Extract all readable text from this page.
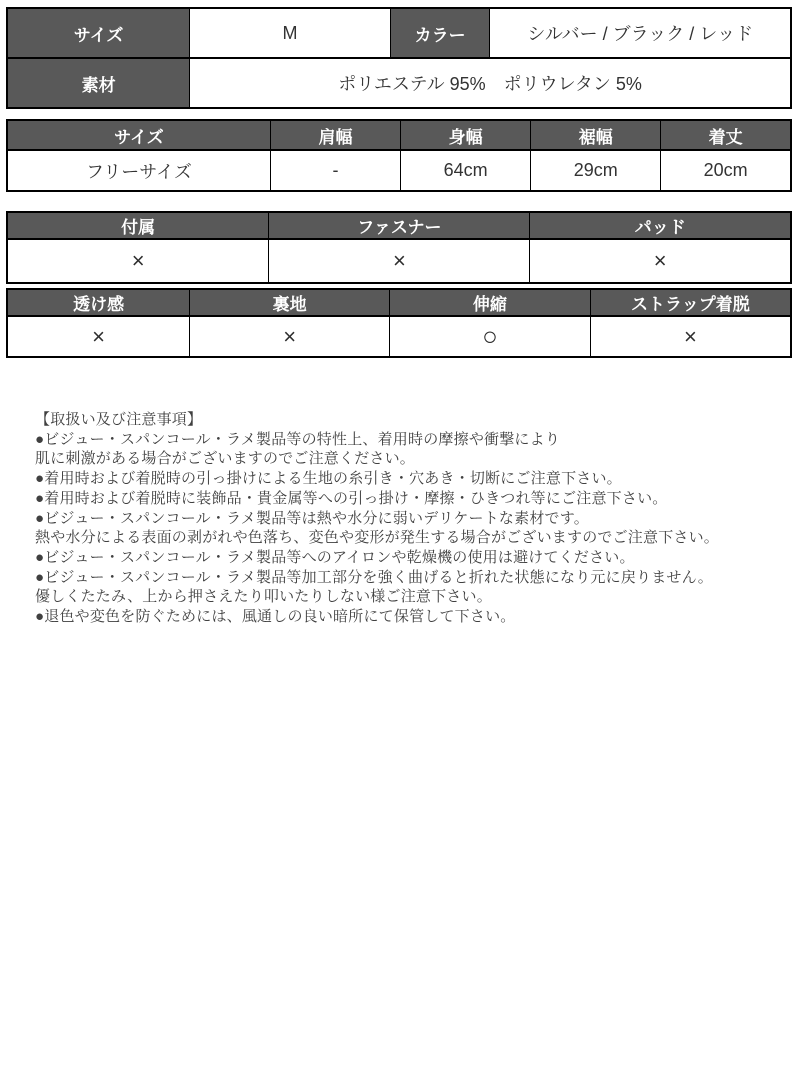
サイズ	M	カラー	シルバー / ブラック / レッド
素材	ポリエステル 95%　ポリウレタン 5%		
サイズ	肩幅	身幅	裾幅	着丈
フリーサイズ	-	64cm	29cm	20cm
付属	ファスナー	パッド
×	×	×
透け感	裏地	伸縮	ストラップ着脱
×	×	○	×
【取扱い及び注意事項】
●ビジュー・スパンコール・ラメ製品等の特性上、着用時の摩擦や衝撃により
肌に刺激がある場合がございますのでご注意ください。
●着用時および着脱時の引っ掛けによる生地の糸引き・穴あき・切断にご注意下さい。
●着用時および着脱時に装飾品・貴金属等への引っ掛け・摩擦・ひきつれ等にご注意下さい。
●ビジュー・スパンコール・ラメ製品等は熱や水分に弱いデリケートな素材です。
熱や水分による表面の剥がれや色落ち、変色や変形が発生する場合がございますのでご注意下さい。
●ビジュー・スパンコール・ラメ製品等へのアイロンや乾燥機の使用は避けてください。
●ビジュー・スパンコール・ラメ製品等加工部分を強く曲げると折れた状態になり元に戻りません。
優しくたたみ、上から押さえたり叩いたりしない様ご注意下さい。
●退色や変色を防ぐためには、風通しの良い暗所にて保管して下さい。
